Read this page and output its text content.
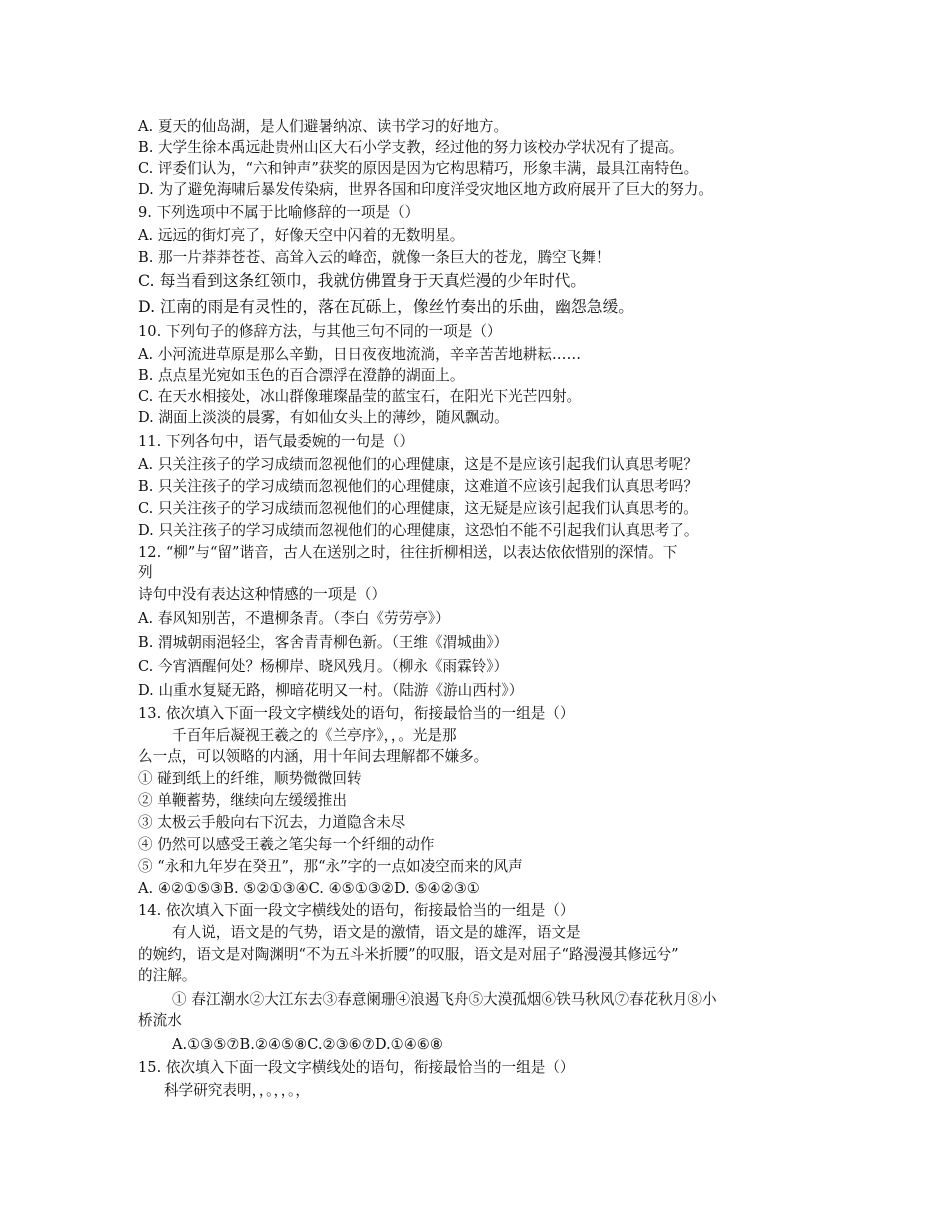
A. 夏天的仙岛湖，是人们避暑纳凉、读书学习的好地方。
B. 大学生徐本禹远赴贵州山区大石小学支教，经过他的努力该校办学状况有了提高。
C. 评委们认为，“六和钟声”获奖的原因是因为它构思精巧，形象丰满，最具江南特色。
D. 为了避免海啸后暴发传染病，世界各国和印度洋受灾地区地方政府展开了巨大的努力。
9. 下列选项中不属于比喻修辞的一项是（）
A. 远远的街灯亮了，好像天空中闪着的无数明星。
B. 那一片莽莽苍苍、高耸入云的峰峦，就像一条巨大的苍龙，腾空飞舞！
C. 每当看到这条红领巾，我就仿佛置身于天真烂漫的少年时代。
D. 江南的雨是有灵性的，落在瓦砾上，像丝竹奏出的乐曲，幽怨急缓。
10. 下列句子的修辞方法，与其他三句不同的一项是（）
A. 小河流进草原是那么辛勤，日日夜夜地流淌，辛辛苦苦地耕耘……
B. 点点星光宛如玉色的百合漂浮在澄静的湖面上。
C. 在天水相接处，冰山群像璀璨晶莹的蓝宝石，在阳光下光芒四射。
D. 湖面上淡淡的晨雾，有如仙女头上的薄纱，随风飘动。
11. 下列各句中，语气最委婉的一句是（）
A. 只关注孩子的学习成绩而忽视他们的心理健康，这是不是应该引起我们认真思考呢？
B. 只关注孩子的学习成绩而忽视他们的心理健康，这难道不应该引起我们认真思考吗？
C. 只关注孩子的学习成绩而忽视他们的心理健康，这无疑是应该引起我们认真思考的。
D. 只关注孩子的学习成绩而忽视他们的心理健康，这恐怕不能不引起我们认真思考了。
12. “柳”与“留”谐音，古人在送别之时，往往折柳相送，以表达依依惜别的深情。下
列
诗句中没有表达这种情感的一项是（）
A. 春风知别苦，不遣柳条青。（李白《劳劳亭》）
B. 渭城朝雨浥轻尘，客舍青青柳色新。（王维《渭城曲》）
C. 今宵酒醒何处？杨柳岸、晓风残月。（柳永《雨霖铃》）
D. 山重水复疑无路，柳暗花明又一村。（陆游《游山西村》）
13. 依次填入下面一段文字横线处的语句，衔接最恰当的一组是（）
千百年后凝视王羲之的《兰亭序》，，。光是那
么一点，可以领略的内涵，用十年间去理解都不嫌多。
① 碰到纸上的纤维，顺势微微回转
② 单鞭蓄势，继续向左缓缓推出
③ 太极云手般向右下沉去，力道隐含未尽
④ 仍然可以感受王羲之笔尖每一个纤细的动作
⑤ “永和九年岁在癸丑”，那“永”字的一点如凌空而来的风声
A. ④②①⑤③B. ⑤②①③④C. ④⑤①③②D. ⑤④②③①
14. 依次填入下面一段文字横线处的语句，衔接最恰当的一组是（）
有人说，语文是的气势，语文是的激情，语文是的雄浑，语文是
的婉约，语文是对陶渊明“不为五斗米折腰”的叹服，语文是对屈子“路漫漫其修远兮”
的注解。
① 春江潮水②大江东去③春意阑珊④浪遏飞舟⑤大漠孤烟⑥铁马秋风⑦春花秋月⑧小
桥流水
A.①③⑤⑦B.②④⑤⑧C.②③⑥⑦D.①④⑥⑧
15. 依次填入下面一段文字横线处的语句，衔接最恰当的一组是（）
科学研究表明，，。，，。，
